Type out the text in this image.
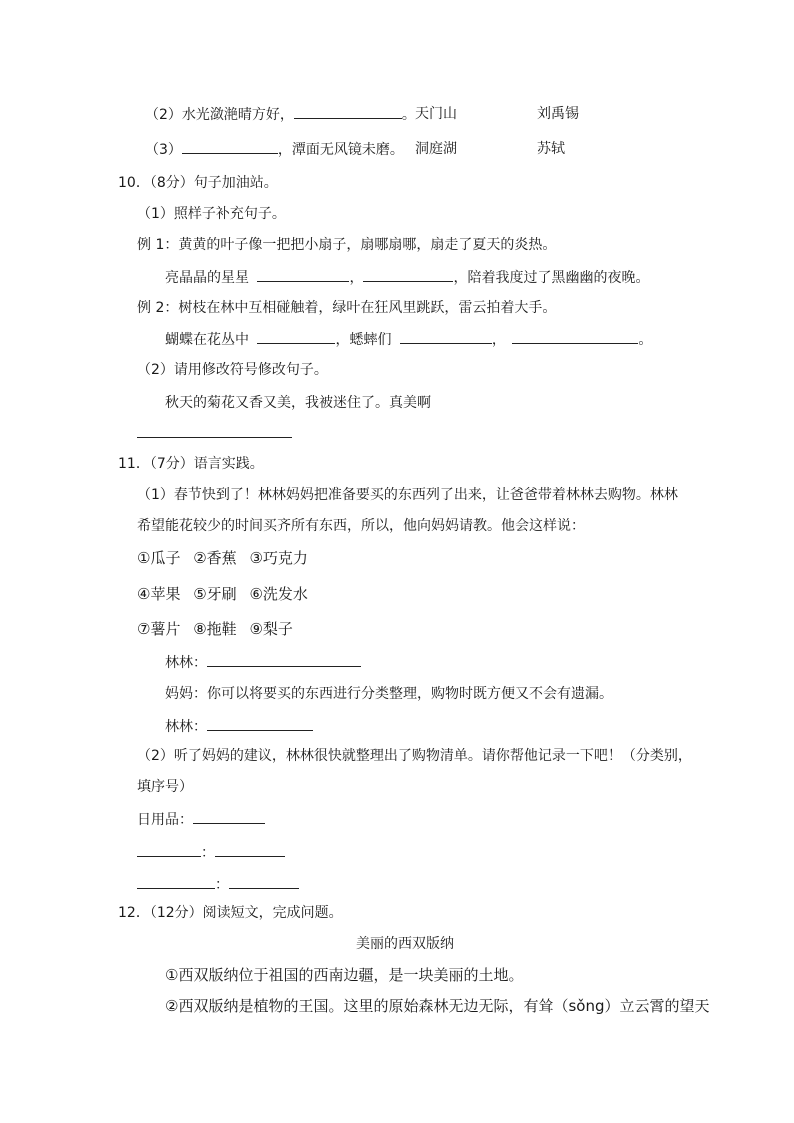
（2）水光潋滟晴方好，	。 天门山	刘禹锡
（3）	，潭面无风镜未磨。 洞庭湖	苏轼
10．（8分）句子加油站。
（1）照样子补充句子。
例 1：黄黄的叶子像一把把小扇子，扇哪扇哪，扇走了夏天的炎热。
亮晶晶的星星	，	，陪着我度过了黑幽幽的夜晚。
例 2：树枝在林中互相碰触着，绿叶在狂风里跳跃，雷云拍着大手。
蝴蝶在花丛中	，蟋蟀们	，	。
（2）请用修改符号修改句子。
秋天的菊花又香又美，我被迷住了。真美啊
11．（7分）语言实践。
（1）春节快到了！林林妈妈把准备要买的东西列了出来，让爸爸带着林林去购物。林林
希望能花较少的时间买齐所有东西，所以，他向妈妈请教。他会这样说：
①瓜子 ②香蕉 ③巧克力
④苹果 ⑤牙刷 ⑥洗发水
⑦薯片 ⑧拖鞋 ⑨梨子
林林：
妈妈：你可以将要买的东西进行分类整理，购物时既方便又不会有遗漏。
林林：
（2）听了妈妈的建议，林林很快就整理出了购物清单。请你帮他记录一下吧！（分类别，
填序号）
日用品：
：
：
12．（12分）阅读短文，完成问题。
美丽的西双版纳
①西双版纳位于祖国的西南边疆，是一块美丽的土地。
②西双版纳是植物的王国。这里的原始森林无边无际，有耸（sǒng）立云霄的望天
